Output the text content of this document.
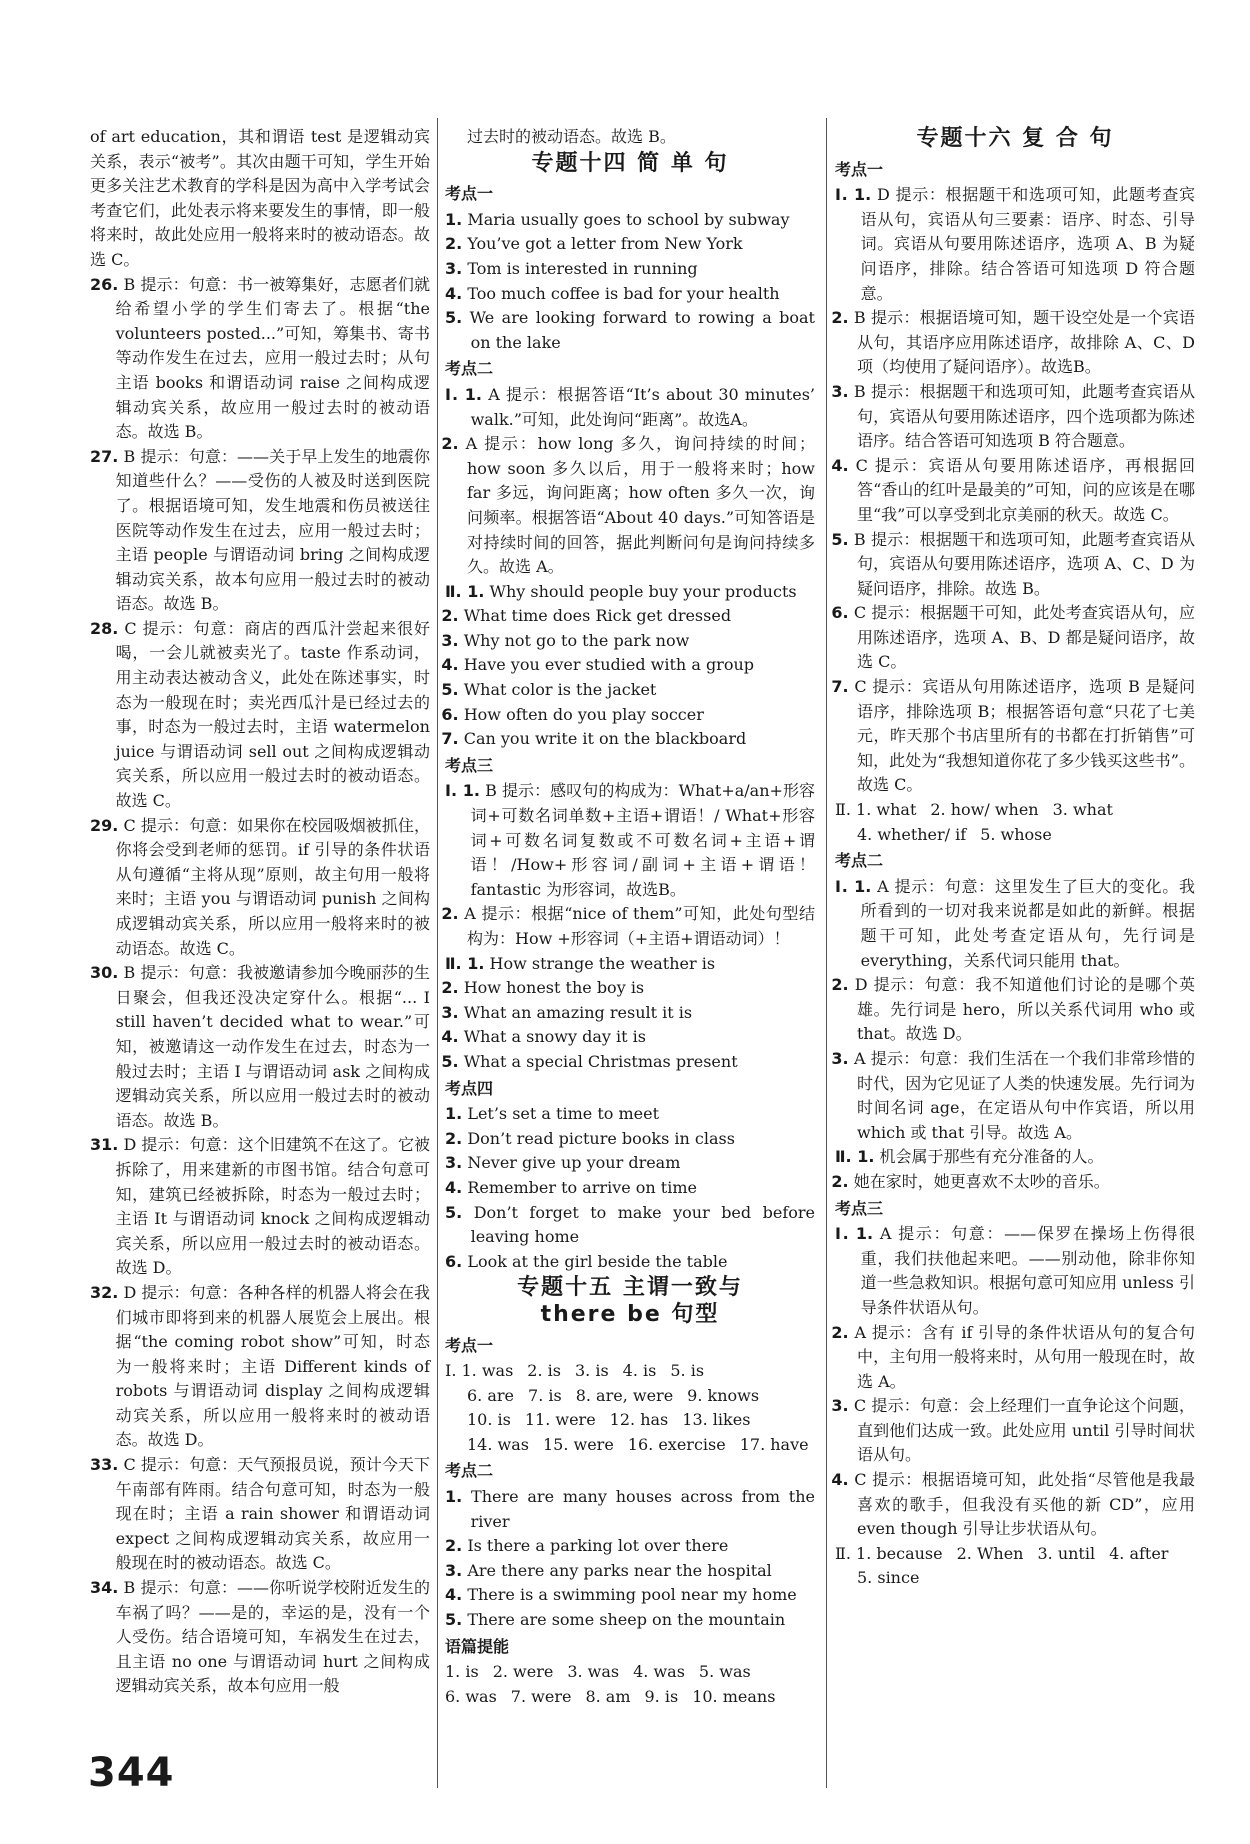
of art education，其和谓语 test 是逻辑动宾关系，表示“被考”。其次由题干可知，学生开始更多关注艺术教育的学科是因为高中入学考试会考查它们，此处表示将来要发生的事情，即一般将来时，故此处应用一般将来时的被动语态。故选 C。

26. B 提示：句意：书一被筹集好，志愿者们就给希望小学的学生们寄去了。根据“the volunteers posted...”可知，筹集书、寄书等动作发生在过去，应用一般过去时；从句主语 books 和谓语动词 raise 之间构成逻辑动宾关系，故应用一般过去时的被动语态。故选 B。

27. B 提示：句意：——关于早上发生的地震你知道些什么？——受伤的人被及时送到医院了。根据语境可知，发生地震和伤员被送往医院等动作发生在过去，应用一般过去时；主语 people 与谓语动词 bring 之间构成逻辑动宾关系，故本句应用一般过去时的被动语态。故选 B。

28. C 提示：句意：商店的西瓜汁尝起来很好喝，一会儿就被卖光了。taste 作系动词，用主动表达被动含义，此处在陈述事实，时态为一般现在时；卖光西瓜汁是已经过去的事，时态为一般过去时，主语 watermelon juice 与谓语动词 sell out 之间构成逻辑动宾关系，所以应用一般过去时的被动语态。故选 C。

29. C 提示：句意：如果你在校园吸烟被抓住，你将会受到老师的惩罚。if 引导的条件状语从句遵循“主将从现”原则，故主句用一般将来时；主语 you 与谓语动词 punish 之间构成逻辑动宾关系，所以应用一般将来时的被动语态。故选 C。

30. B 提示：句意：我被邀请参加今晚丽莎的生日聚会，但我还没决定穿什么。根据“... I still haven’t decided what to wear.”可知，被邀请这一动作发生在过去，时态为一般过去时；主语 I 与谓语动词 ask 之间构成逻辑动宾关系，所以应用一般过去时的被动语态。故选 B。

31. D 提示：句意：这个旧建筑不在这了。它被拆除了，用来建新的市图书馆。结合句意可知，建筑已经被拆除，时态为一般过去时；主语 It 与谓语动词 knock 之间构成逻辑动宾关系，所以应用一般过去时的被动语态。故选 D。

32. D 提示：句意：各种各样的机器人将会在我们城市即将到来的机器人展览会上展出。根据“the coming robot show”可知，时态为一般将来时；主语 Different kinds of robots 与谓语动词 display 之间构成逻辑动宾关系，所以应用一般将来时的被动语态。故选 D。

33. C 提示：句意：天气预报员说，预计今天下午南部有阵雨。结合句意可知，时态为一般现在时；主语 a rain shower 和谓语动词 expect 之间构成逻辑动宾关系，故应用一般现在时的被动语态。故选 C。

34. B 提示：句意：——你听说学校附近发生的车祸了吗？——是的，幸运的是，没有一个人受伤。结合语境可知，车祸发生在过去，且主语 no one 与谓语动词 hurt 之间构成逻辑动宾关系，故本句应用一般

过去时的被动语态。故选 B。

专题十四 简 单 句
考点一

1. Maria usually goes to school by subway

2. You’ve got a letter from New York

3. Tom is interested in running

4. Too much coffee is bad for your health

5. We are looking forward to rowing a boat on the lake

考点二

Ⅰ. 1. A 提示：根据答语“It’s about 30 minutes’ walk.”可知，此处询问“距离”。故选A。

2. A 提示：how long 多久，询问持续的时间；how soon 多久以后，用于一般将来时；how far 多远，询问距离；how often 多久一次，询问频率。根据答语“About 40 days.”可知答语是对持续时间的回答，据此判断问句是询问持续多久。故选 A。

Ⅱ. 1. Why should people buy your products

2. What time does Rick get dressed

3. Why not go to the park now

4. Have you ever studied with a group

5. What color is the jacket

6. How often do you play soccer

7. Can you write it on the blackboard

考点三

Ⅰ. 1. B 提示：感叹句的构成为：What+a/an+形容词+可数名词单数+主语+谓语！/ What+形容词+可数名词复数或不可数名词+主语+谓语！/How+形容词/副词+主语+谓语！fantastic 为形容词，故选B。

2. A 提示：根据“nice of them”可知，此处句型结构为：How +形容词（+主语+谓语动词）！

Ⅱ. 1. How strange the weather is

2. How honest the boy is

3. What an amazing result it is

4. What a snowy day it is

5. What a special Christmas present

考点四

1. Let’s set a time to meet

2. Don’t read picture books in class

3. Never give up your dream

4. Remember to arrive on time

5. Don’t forget to make your bed before leaving home

6. Look at the girl beside the table

专题十五 主谓一致与
there be 句型
考点一
Ⅰ. 1. was 2. is 3. is 4. is 5. is
6. are 7. is 8. are, were 9. knows
10. is 11. were 12. has 13. likes
14. was 15. were 16. exercise 17. have
考点二

1. There are many houses across from the river

2. Is there a parking lot over there

3. Are there any parks near the hospital

4. There is a swimming pool near my home

5. There are some sheep on the mountain

语篇提能
1. is 2. were 3. was 4. was 5. was
6. was 7. were 8. am 9. is 10. means
专题十六 复 合 句
考点一

Ⅰ. 1. D 提示：根据题干和选项可知，此题考查宾语从句，宾语从句三要素：语序、时态、引导词。宾语从句要用陈述语序，选项 A、B 为疑问语序，排除。结合答语可知选项 D 符合题意。

2. B 提示：根据语境可知，题干设空处是一个宾语从句，其语序应用陈述语序，故排除 A、C、D 项（均使用了疑问语序）。故选B。

3. B 提示：根据题干和选项可知，此题考查宾语从句，宾语从句要用陈述语序，四个选项都为陈述语序。结合答语可知选项 B 符合题意。

4. C 提示：宾语从句要用陈述语序，再根据回答“香山的红叶是最美的”可知，问的应该是在哪里“我”可以享受到北京美丽的秋天。故选 C。

5. B 提示：根据题干和选项可知，此题考查宾语从句，宾语从句要用陈述语序，选项 A、C、D 为疑问语序，排除。故选 B。

6. C 提示：根据题干可知，此处考查宾语从句，应用陈述语序，选项 A、B、D 都是疑问语序，故选 C。

7. C 提示：宾语从句用陈述语序，选项 B 是疑问语序，排除选项 B；根据答语句意“只花了七美元，昨天那个书店里所有的书都在打折销售”可知，此处为“我想知道你花了多少钱买这些书”。故选 C。

Ⅱ. 1. what 2. how/ when 3. what
4. whether/ if 5. whose
考点二

Ⅰ. 1. A 提示：句意：这里发生了巨大的变化。我所看到的一切对我来说都是如此的新鲜。根据题干可知，此处考查定语从句，先行词是 everything，关系代词只能用 that。

2. D 提示：句意：我不知道他们讨论的是哪个英雄。先行词是 hero，所以关系代词用 who 或 that。故选 D。

3. A 提示：句意：我们生活在一个我们非常珍惜的时代，因为它见证了人类的快速发展。先行词为时间名词 age，在定语从句中作宾语，所以用 which 或 that 引导。故选 A。

Ⅱ. 1. 机会属于那些有充分准备的人。

2. 她在家时，她更喜欢不太吵的音乐。

考点三

Ⅰ. 1. A 提示：句意：——保罗在操场上伤得很重，我们扶他起来吧。——别动他，除非你知道一些急救知识。根据句意可知应用 unless 引导条件状语从句。

2. A 提示：含有 if 引导的条件状语从句的复合句中，主句用一般将来时，从句用一般现在时，故选 A。

3. C 提示：句意：会上经理们一直争论这个问题，直到他们达成一致。此处应用 until 引导时间状语从句。

4. C 提示：根据语境可知，此处指“尽管他是我最喜欢的歌手，但我没有买他的新 CD”，应用 even though 引导让步状语从句。

Ⅱ. 1. because 2. When 3. until 4. after
5. since
344
